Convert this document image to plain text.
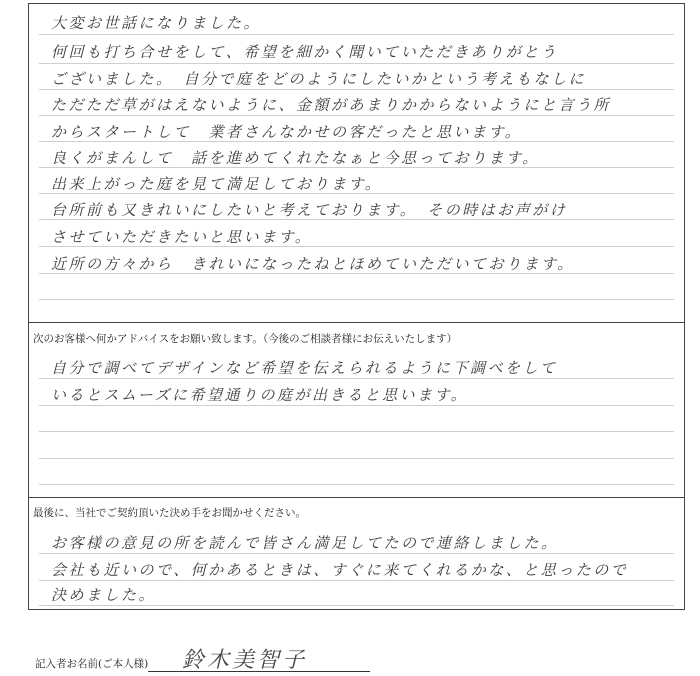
大変お世話になりました。
何回も打ち合せをして、希望を細かく聞いていただきありがとう
ございました。　自分で庭をどのようにしたいかという考えもなしに
ただただ草がはえないように、金額があまりかからないようにと言う所
からスタートして　業者さんなかせの客だったと思います。
良くがまんして　話を進めてくれたなぁと今思っております。
出来上がった庭を見て満足しております。
台所前も又きれいにしたいと考えております。　その時はお声がけ
させていただきたいと思います。
近所の方々から　きれいになったねとほめていただいております。
次のお客様へ何かアドバイスをお願い致します。（今後のご相談者様にお伝えいたします）
自分で調べてデザインなど希望を伝えられるように下調べをして
いるとスムーズに希望通りの庭が出きると思います。
最後に、当社でご契約頂いた決め手をお聞かせください。
お客様の意見の所を読んで皆さん満足してたので連絡しました。
会社も近いので、何かあるときは、すぐに来てくれるかな、と思ったので
決めました。
記入者お名前(ご本人様) 鈴木美智子
